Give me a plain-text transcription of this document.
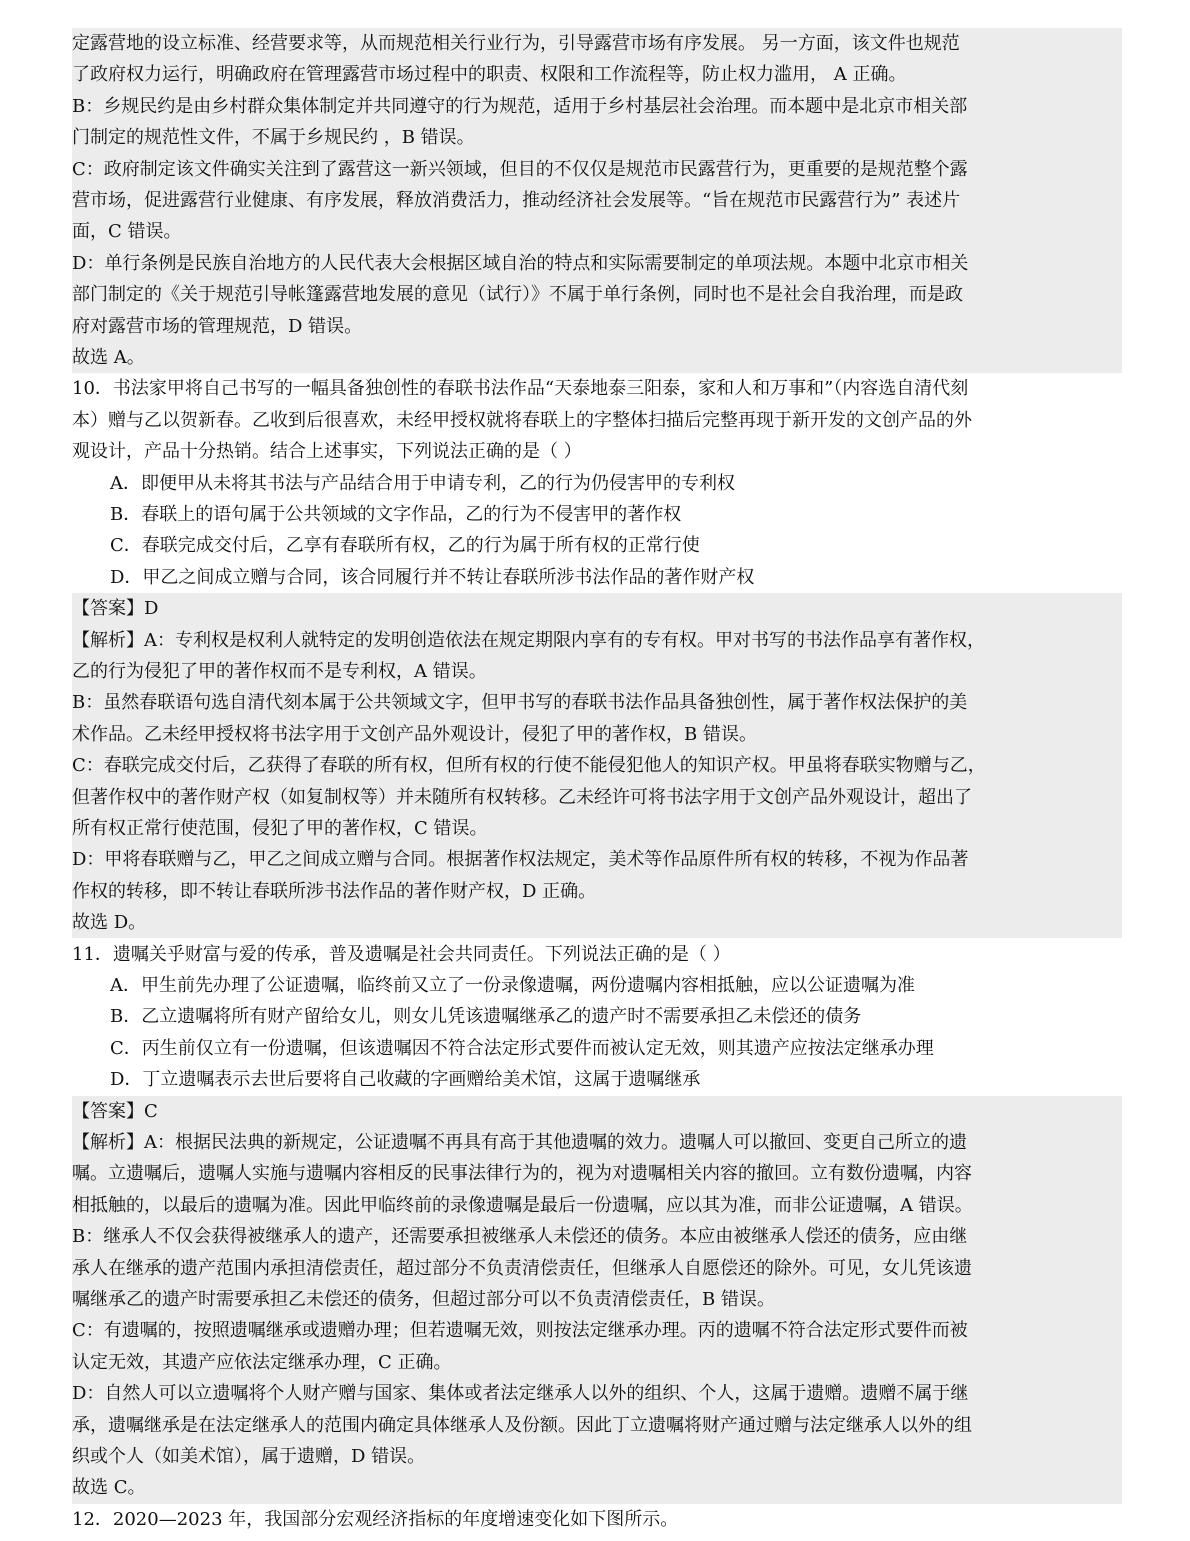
定露营地的设立标准、经营要求等，从而规范相关行业行为，引导露营市场有序发展。 另一方面，该文件也规范
了政府权力运行，明确政府在管理露营市场过程中的职责、权限和工作流程等，防止权力滥用， A 正确。
B：乡规民约是由乡村群众集体制定并共同遵守的行为规范，适用于乡村基层社会治理。而本题中是北京市相关部
门制定的规范性文件，不属于乡规民约 ，B 错误。
C：政府制定该文件确实关注到了露营这一新兴领域，但目的不仅仅是规范市民露营行为，更重要的是规范整个露
营市场，促进露营行业健康、有序发展，释放消费活力，推动经济社会发展等。“旨在规范市民露营行为” 表述片
面，C 错误。
D：单行条例是民族自治地方的人民代表大会根据区域自治的特点和实际需要制定的单项法规。本题中北京市相关
部门制定的《关于规范引导帐篷露营地发展的意见（试行）》不属于单行条例，同时也不是社会自我治理，而是政
府对露营市场的管理规范，D 错误。
故选 A。
10．书法家甲将自己书写的一幅具备独创性的春联书法作品“天泰地泰三阳泰，家和人和万事和”（内容选自清代刻
本）赠与乙以贺新春。乙收到后很喜欢，未经甲授权就将春联上的字整体扫描后完整再现于新开发的文创产品的外
观设计，产品十分热销。结合上述事实，下列说法正确的是（ ）
A．即便甲从未将其书法与产品结合用于申请专利，乙的行为仍侵害甲的专利权
B．春联上的语句属于公共领域的文字作品，乙的行为不侵害甲的著作权
C．春联完成交付后，乙享有春联所有权，乙的行为属于所有权的正常行使
D．甲乙之间成立赠与合同，该合同履行并不转让春联所涉书法作品的著作财产权
【答案】D
【解析】A：专利权是权利人就特定的发明创造依法在规定期限内享有的专有权。甲对书写的书法作品享有著作权，
乙的行为侵犯了甲的著作权而不是专利权，A 错误。
B：虽然春联语句选自清代刻本属于公共领域文字，但甲书写的春联书法作品具备独创性，属于著作权法保护的美
术作品。乙未经甲授权将书法字用于文创产品外观设计，侵犯了甲的著作权，B 错误。
C：春联完成交付后，乙获得了春联的所有权，但所有权的行使不能侵犯他人的知识产权。甲虽将春联实物赠与乙，
但著作权中的著作财产权（如复制权等）并未随所有权转移。乙未经许可将书法字用于文创产品外观设计，超出了
所有权正常行使范围，侵犯了甲的著作权，C 错误。
D：甲将春联赠与乙，甲乙之间成立赠与合同。根据著作权法规定，美术等作品原件所有权的转移，不视为作品著
作权的转移，即不转让春联所涉书法作品的著作财产权，D 正确。
故选 D。
11．遗嘱关乎财富与爱的传承，普及遗嘱是社会共同责任。下列说法正确的是（ ）
A．甲生前先办理了公证遗嘱，临终前又立了一份录像遗嘱，两份遗嘱内容相抵触，应以公证遗嘱为准
B．乙立遗嘱将所有财产留给女儿，则女儿凭该遗嘱继承乙的遗产时不需要承担乙未偿还的债务
C．丙生前仅立有一份遗嘱，但该遗嘱因不符合法定形式要件而被认定无效，则其遗产应按法定继承办理
D．丁立遗嘱表示去世后要将自己收藏的字画赠给美术馆，这属于遗嘱继承
【答案】C
【解析】A：根据民法典的新规定，公证遗嘱不再具有高于其他遗嘱的效力。遗嘱人可以撤回、变更自己所立的遗
嘱。立遗嘱后，遗嘱人实施与遗嘱内容相反的民事法律行为的，视为对遗嘱相关内容的撤回。立有数份遗嘱，内容
相抵触的，以最后的遗嘱为准。因此甲临终前的录像遗嘱是最后一份遗嘱，应以其为准，而非公证遗嘱，A 错误。
B：继承人不仅会获得被继承人的遗产，还需要承担被继承人未偿还的债务。本应由被继承人偿还的债务，应由继
承人在继承的遗产范围内承担清偿责任，超过部分不负责清偿责任，但继承人自愿偿还的除外。可见，女儿凭该遗
嘱继承乙的遗产时需要承担乙未偿还的债务，但超过部分可以不负责清偿责任，B 错误。
C：有遗嘱的，按照遗嘱继承或遗赠办理；但若遗嘱无效，则按法定继承办理。丙的遗嘱不符合法定形式要件而被
认定无效，其遗产应依法定继承办理，C 正确。
D：自然人可以立遗嘱将个人财产赠与国家、集体或者法定继承人以外的组织、个人，这属于遗赠。遗赠不属于继
承，遗嘱继承是在法定继承人的范围内确定具体继承人及份额。因此丁立遗嘱将财产通过赠与法定继承人以外的组
织或个人（如美术馆），属于遗赠，D 错误。
故选 C。
12．2020—2023 年，我国部分宏观经济指标的年度增速变化如下图所示。
